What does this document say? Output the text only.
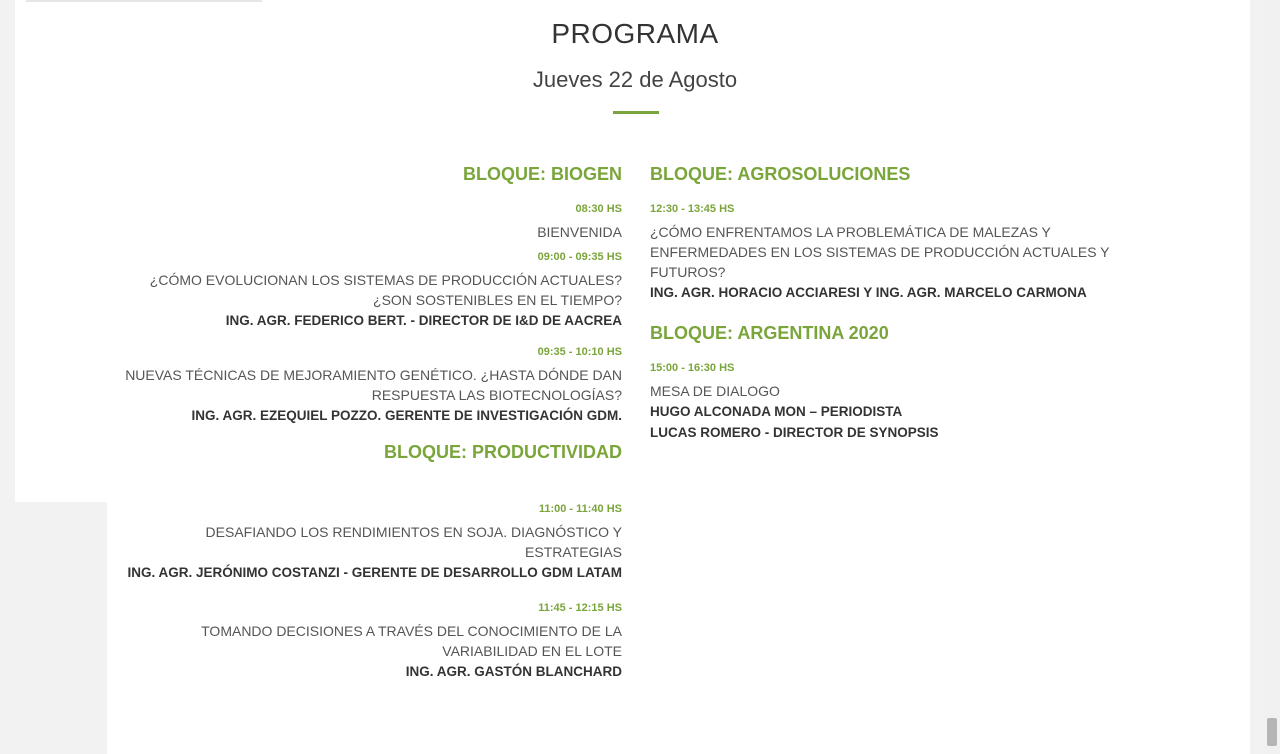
PROGRAMA
Jueves 22 de Agosto
BLOQUE: BIOGEN
08:30 HS
BIENVENIDA
09:00 - 09:35 HS
¿CÓMO EVOLUCIONAN LOS SISTEMAS DE PRODUCCIÓN ACTUALES? ¿SON SOSTENIBLES EN EL TIEMPO?
ING. AGR. FEDERICO BERT. - DIRECTOR DE I&D DE AACREA
09:35 - 10:10 HS
NUEVAS TÉCNICAS DE MEJORAMIENTO GENÉTICO. ¿HASTA DÓNDE DAN RESPUESTA LAS BIOTECNOLOGÍAS?
ING. AGR. EZEQUIEL POZZO. GERENTE DE INVESTIGACIÓN GDM.
BLOQUE: PRODUCTIVIDAD
11:00 - 11:40 HS
DESAFIANDO LOS RENDIMIENTOS EN SOJA. DIAGNÓSTICO Y ESTRATEGIAS
ING. AGR. JERÓNIMO COSTANZI - GERENTE DE DESARROLLO GDM LATAM
11:45 - 12:15 HS
TOMANDO DECISIONES A TRAVÉS DEL CONOCIMIENTO DE LA VARIABILIDAD EN EL LOTE
ING. AGR. GASTÓN BLANCHARD
BLOQUE: AGROSOLUCIONES
12:30 - 13:45 HS
¿CÓMO ENFRENTAMOS LA PROBLEMÁTICA DE MALEZAS Y ENFERMEDADES EN LOS SISTEMAS DE PRODUCCIÓN ACTUALES Y FUTUROS?
ING. AGR. HORACIO ACCIARESI Y ING. AGR. MARCELO CARMONA
BLOQUE: ARGENTINA 2020
15:00 - 16:30 HS
MESA DE DIALOGO
HUGO ALCONADA MON – PERIODISTA
LUCAS ROMERO - DIRECTOR DE SYNOPSIS
